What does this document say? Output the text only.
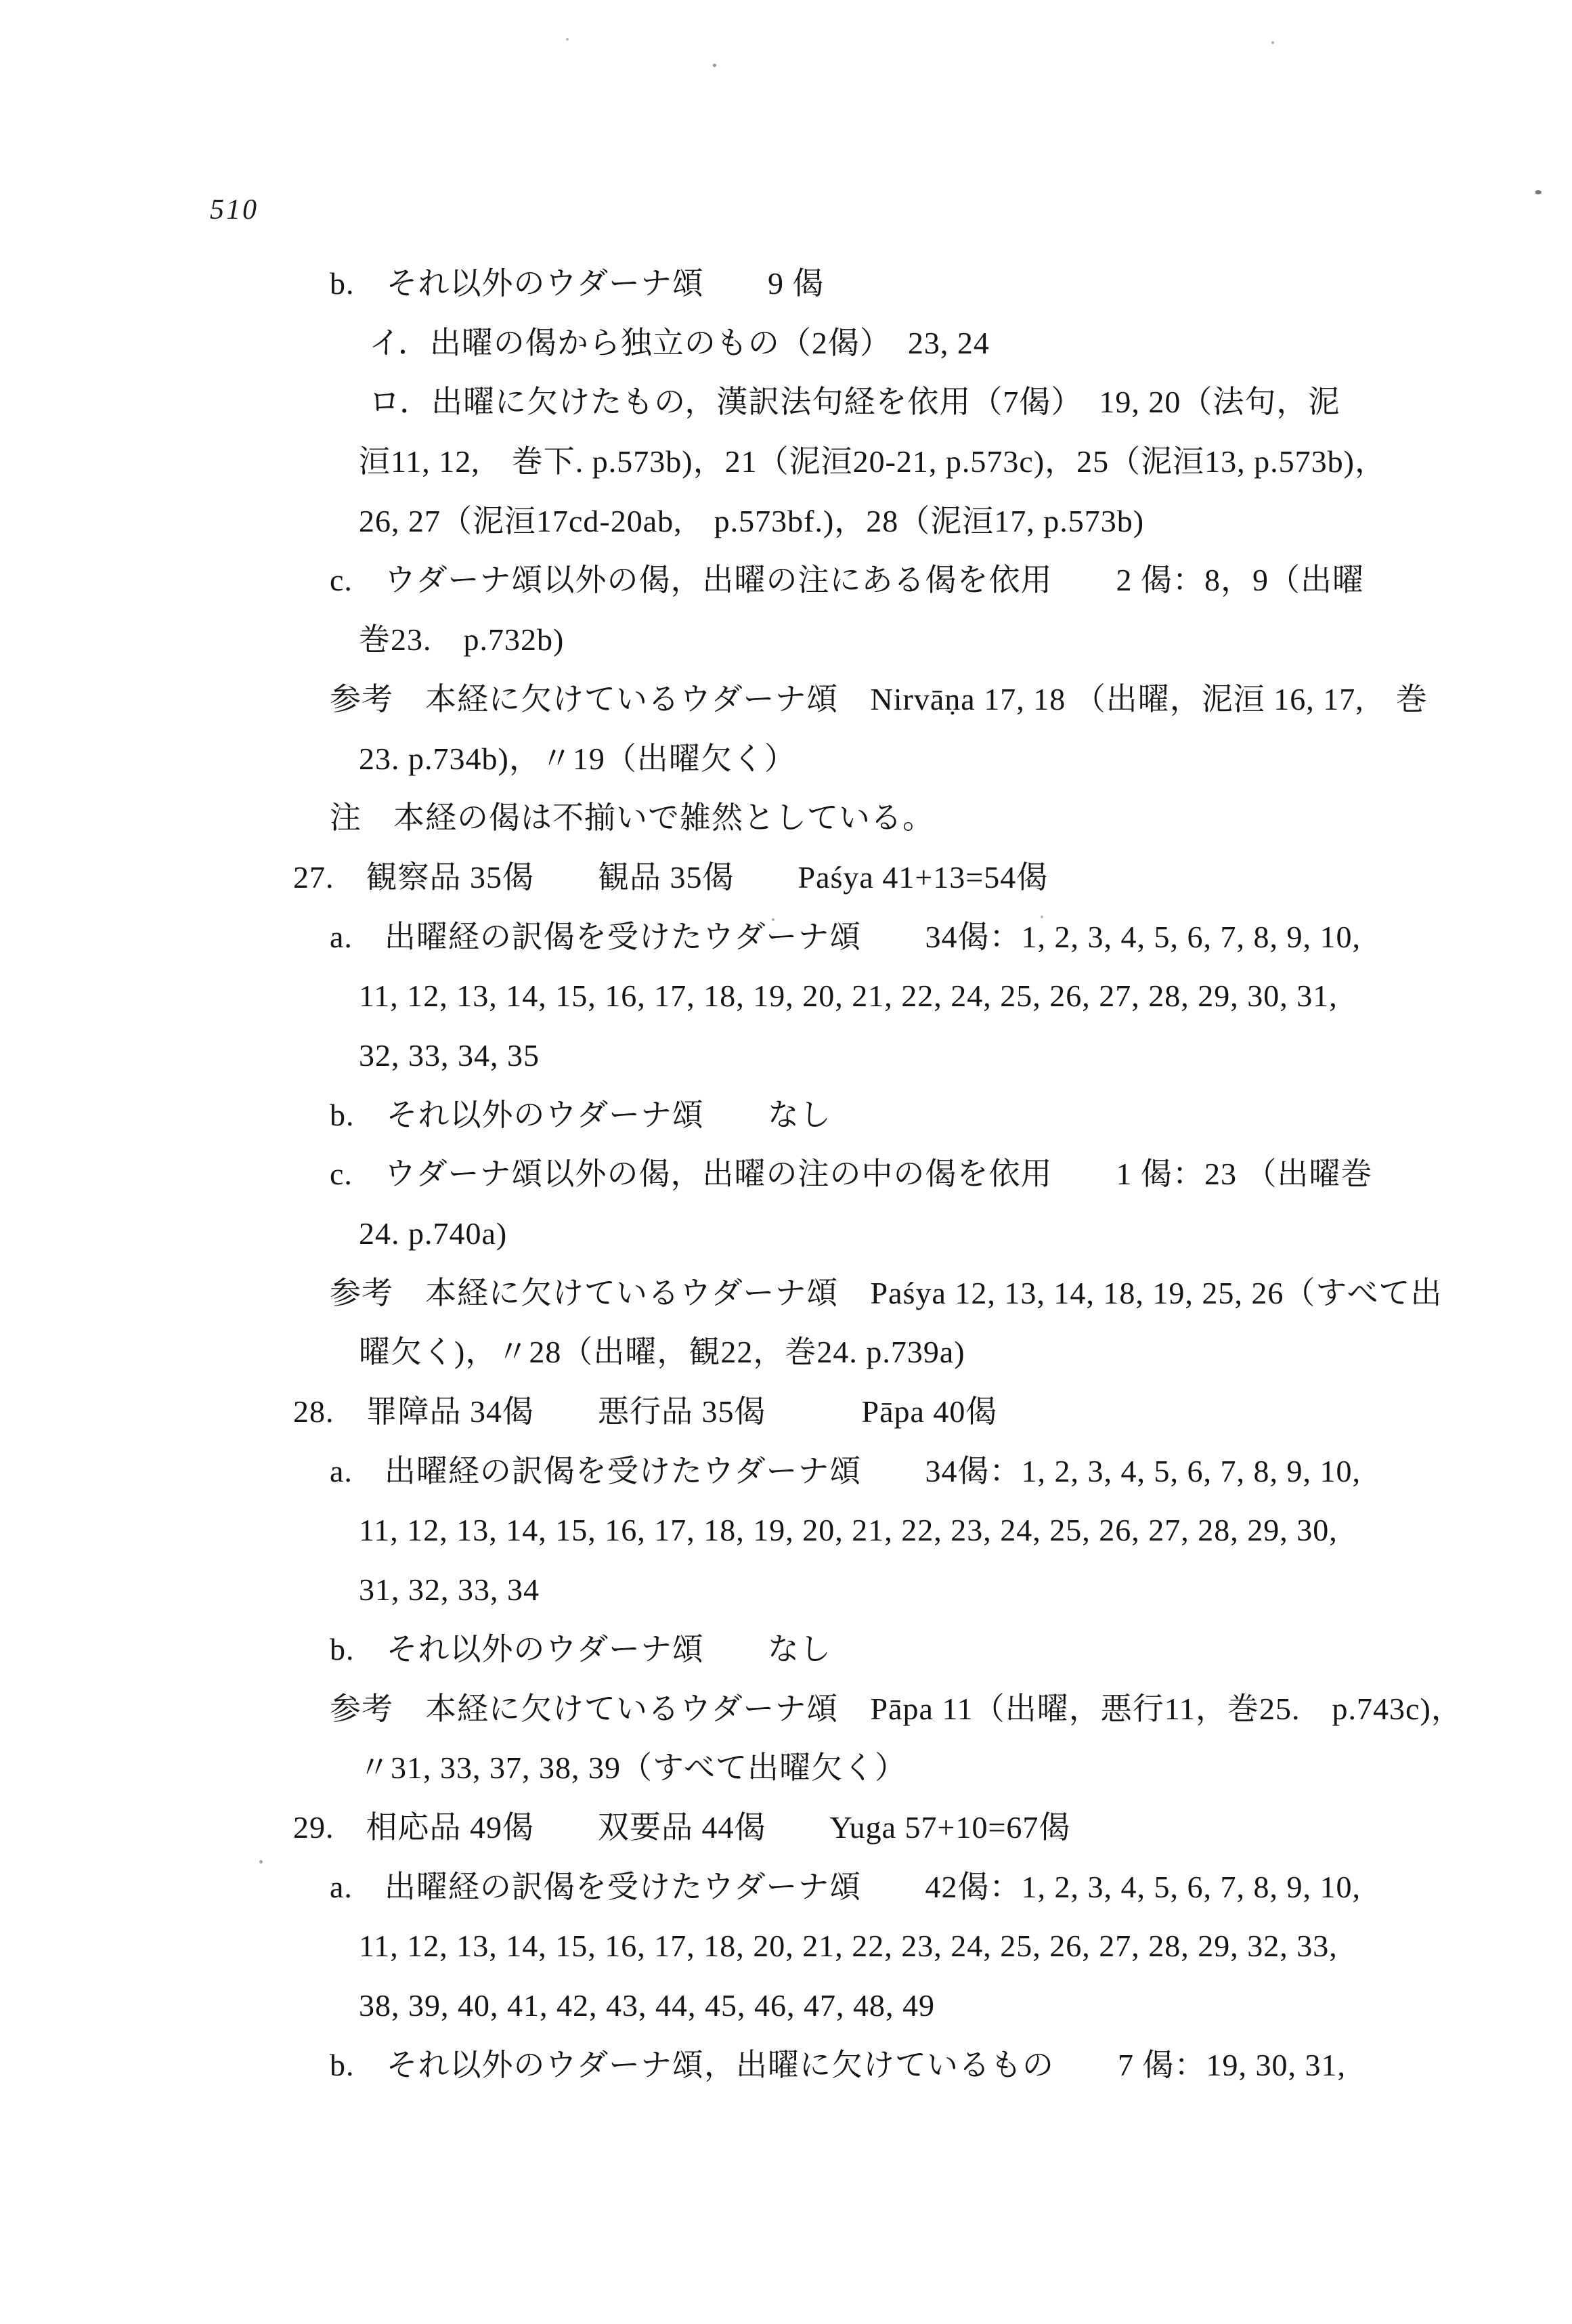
510
b.　それ以外のウダーナ頌　　9 偈
イ．出曜の偈から独立のもの（2偈）　23, 24
ロ．出曜に欠けたもの，漢訳法句経を依用（7偈）　19, 20（法句，泥
洹11, 12,　巻下. p.573b)，21（泥洹20-21, p.573c)，25（泥洹13, p.573b)，
26, 27（泥洹17cd-20ab,　p.573bf.)，28（泥洹17, p.573b)
c.　ウダーナ頌以外の偈，出曜の注にある偈を依用　　2 偈：8，9（出曜
巻23.　p.732b)
参考　本経に欠けているウダーナ頌　Nirvāṇa 17, 18 （出曜，泥洹 16, 17,　巻
23. p.734b)，〃19（出曜欠く）
注　本経の偈は不揃いで雑然としている。
27.　観察品 35偈　　観品 35偈　　Paśya 41+13=54偈
a.　出曜経の訳偈を受けたウダーナ頌　　34偈：1, 2, 3, 4, 5, 6, 7, 8, 9, 10,
11, 12, 13, 14, 15, 16, 17, 18, 19, 20, 21, 22, 24, 25, 26, 27, 28, 29, 30, 31,
32, 33, 34, 35
b.　それ以外のウダーナ頌　　なし
c.　ウダーナ頌以外の偈，出曜の注の中の偈を依用　　1 偈：23 （出曜巻
24. p.740a)
参考　本経に欠けているウダーナ頌　Paśya 12, 13, 14, 18, 19, 25, 26（すべて出
曜欠く)，〃28（出曜，観22，巻24. p.739a)
28.　罪障品 34偈　　悪行品 35偈　　　Pāpa 40偈
a.　出曜経の訳偈を受けたウダーナ頌　　34偈：1, 2, 3, 4, 5, 6, 7, 8, 9, 10,
11, 12, 13, 14, 15, 16, 17, 18, 19, 20, 21, 22, 23, 24, 25, 26, 27, 28, 29, 30,
31, 32, 33, 34
b.　それ以外のウダーナ頌　　なし
参考　本経に欠けているウダーナ頌　Pāpa 11（出曜，悪行11，巻25.　p.743c)，
〃31, 33, 37, 38, 39（すべて出曜欠く）
29.　相応品 49偈　　双要品 44偈　　Yuga 57+10=67偈
a.　出曜経の訳偈を受けたウダーナ頌　　42偈：1, 2, 3, 4, 5, 6, 7, 8, 9, 10,
11, 12, 13, 14, 15, 16, 17, 18, 20, 21, 22, 23, 24, 25, 26, 27, 28, 29, 32, 33,
38, 39, 40, 41, 42, 43, 44, 45, 46, 47, 48, 49
b.　それ以外のウダーナ頌，出曜に欠けているもの　　7 偈：19, 30, 31,
